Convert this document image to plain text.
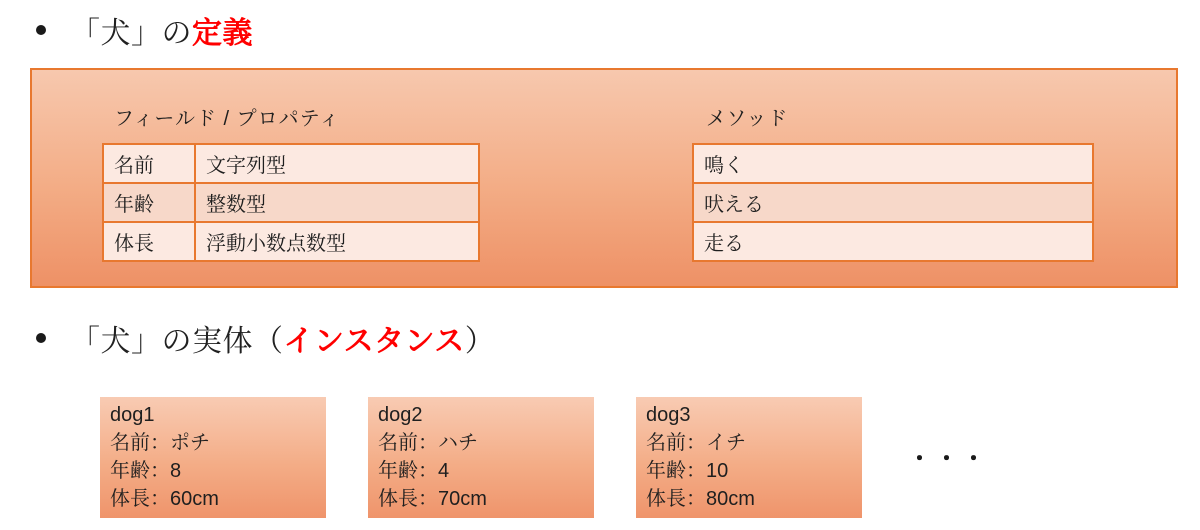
「犬」の定義
フィールド / プロパティ
名前	文字列型
年齢	整数型
体長	浮動小数点数型
メソッド
鳴く
吠える
走る
「犬」の実体（インスタンス）
dog1
名前：ポチ
年齢：8
体長：60cm
dog2
名前：ハチ
年齢：4
体長：70cm
dog3
名前：イチ
年齢：10
体長：80cm
・・・
